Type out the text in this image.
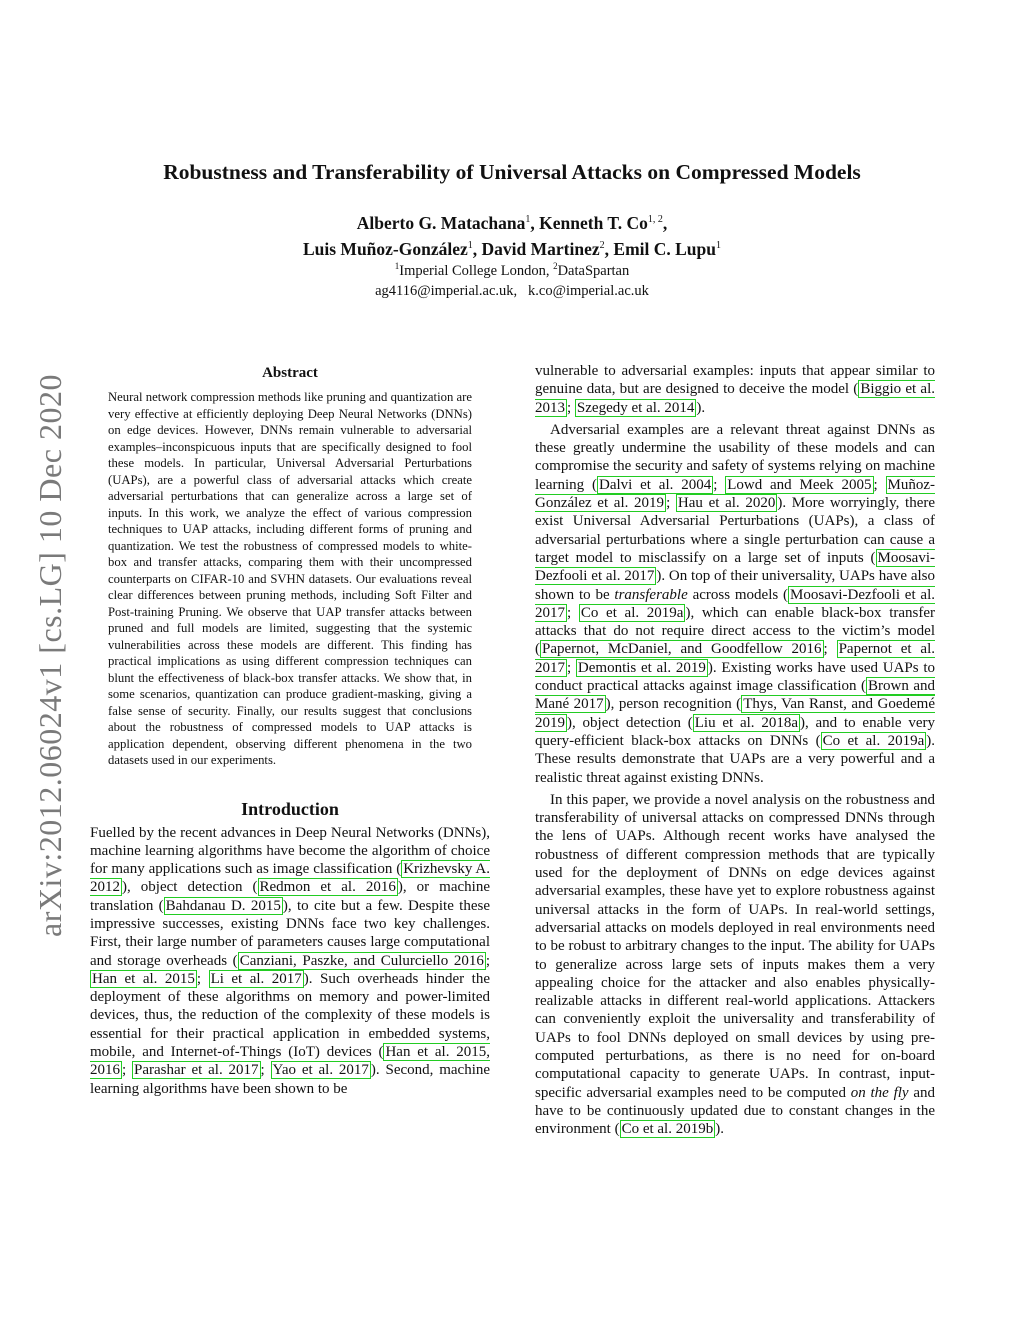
arXiv:2012.06024v1 [cs.LG] 10 Dec 2020
Robustness and Transferability of Universal Attacks on Compressed Models
Alberto G. Matachana$^1$, Kenneth T. Co$^{1, 2}$,
Luis Muñoz-González$^1$, David Martinez$^2$, Emil C. Lupu$^1$
$^1$Imperial College London, $^2$DataSpartan
ag4116@imperial.ac.uk,   k.co@imperial.ac.uk
Abstract

Neural network compression methods like pruning and quantization are very effective at efficiently deploying Deep Neural Networks (DNNs) on edge devices. However, DNNs remain vulnerable to adversarial examples–inconspicuous inputs that are specifically designed to fool these models. In particular, Universal Adversarial Perturbations (UAPs), are a powerful class of adversarial attacks which create adversarial perturbations that can generalize across a large set of inputs. In this work, we analyze the effect of various compression techniques to UAP attacks, including different forms of pruning and quantization. We test the robustness of compressed models to white-box and transfer attacks, comparing them with their uncompressed counterparts on CIFAR-10 and SVHN datasets. Our evaluations reveal clear differences between pruning methods, including Soft Filter and Post-training Pruning. We observe that UAP transfer attacks between pruned and full models are limited, suggesting that the systemic vulnerabilities across these models are different. This finding has practical implications as using different compression techniques can blunt the effectiveness of black-box transfer attacks. We show that, in some scenarios, quantization can produce gradient-masking, giving a false sense of security. Finally, our results suggest that conclusions about the robustness of compressed models to UAP attacks is application dependent, observing different phenomena in the two datasets used in our experiments.

Introduction

Fuelled by the recent advances in Deep Neural Networks (DNNs), machine learning algorithms have become the algorithm of choice for many applications such as image classification ( Krizhevsky A. 2012 ), object detection ( Redmon et al. 2016 ), or machine translation ( Bahdanau D. 2015 ), to cite but a few. Despite these impressive successes, existing DNNs face two key challenges. First, their large number of parameters causes large computational and storage overheads ( Canziani, Paszke, and Culurciello 2016 ; Han et al. 2015 ; Li et al. 2017 ). Such overheads hinder the deployment of these algorithms on memory and power-limited devices, thus, the reduction of the complexity of these models is essential for their practical application in embedded systems, mobile, and Internet-of-Things (IoT) devices ( Han et al. 2015, 2016 ; Parashar et al. 2017 ; Yao et al. 2017 ). Second, machine learning algorithms have been shown to be

vulnerable to adversarial examples: inputs that appear similar to genuine data, but are designed to deceive the model ( Biggio et al. 2013 ; Szegedy et al. 2014 ).

Adversarial examples are a relevant threat against DNNs as these greatly undermine the usability of these models and can compromise the security and safety of systems relying on machine learning ( Dalvi et al. 2004 ; Lowd and Meek 2005 ; Muñoz-González et al. 2019 ; Hau et al. 2020 ). More worryingly, there exist Universal Adversarial Perturbations (UAPs), a class of adversarial perturbations where a single perturbation can cause a target model to misclassify on a large set of inputs ( Moosavi-Dezfooli et al. 2017 ). On top of their universality, UAPs have also shown to be transferable across models ( Moosavi-Dezfooli et al. 2017 ; Co et al. 2019a ), which can enable black-box transfer attacks that do not require direct access to the victim’s model ( Papernot, McDaniel, and Goodfellow 2016 ; Papernot et al. 2017 ; Demontis et al. 2019 ). Existing works have used UAPs to conduct practical attacks against image classification ( Brown and Mané 2017 ), person recognition ( Thys, Van Ranst, and Goedemé 2019 ), object detection ( Liu et al. 2018a ), and to enable very query-efficient black-box attacks on DNNs ( Co et al. 2019a ). These results demonstrate that UAPs are a very powerful and a realistic threat against existing DNNs.

In this paper, we provide a novel analysis on the robustness and transferability of universal attacks on compressed DNNs through the lens of UAPs. Although recent works have analysed the robustness of different compression methods that are typically used for the deployment of DNNs on edge devices against adversarial examples, these have yet to explore robustness against universal attacks in the form of UAPs. In real-world settings, adversarial attacks on models deployed in real environments need to be robust to arbitrary changes to the input. The ability for UAPs to generalize across large sets of inputs makes them a very appealing choice for the attacker and also enables physically-realizable attacks in different real-world applications. Attackers can conveniently exploit the universality and transferability of UAPs to fool DNNs deployed on small devices by using pre-computed perturbations, as there is no need for on-board computational capacity to generate UAPs. In contrast, input-specific adversarial examples need to be computed on the fly and have to be continuously updated due to constant changes in the environment ( Co et al. 2019b ).
